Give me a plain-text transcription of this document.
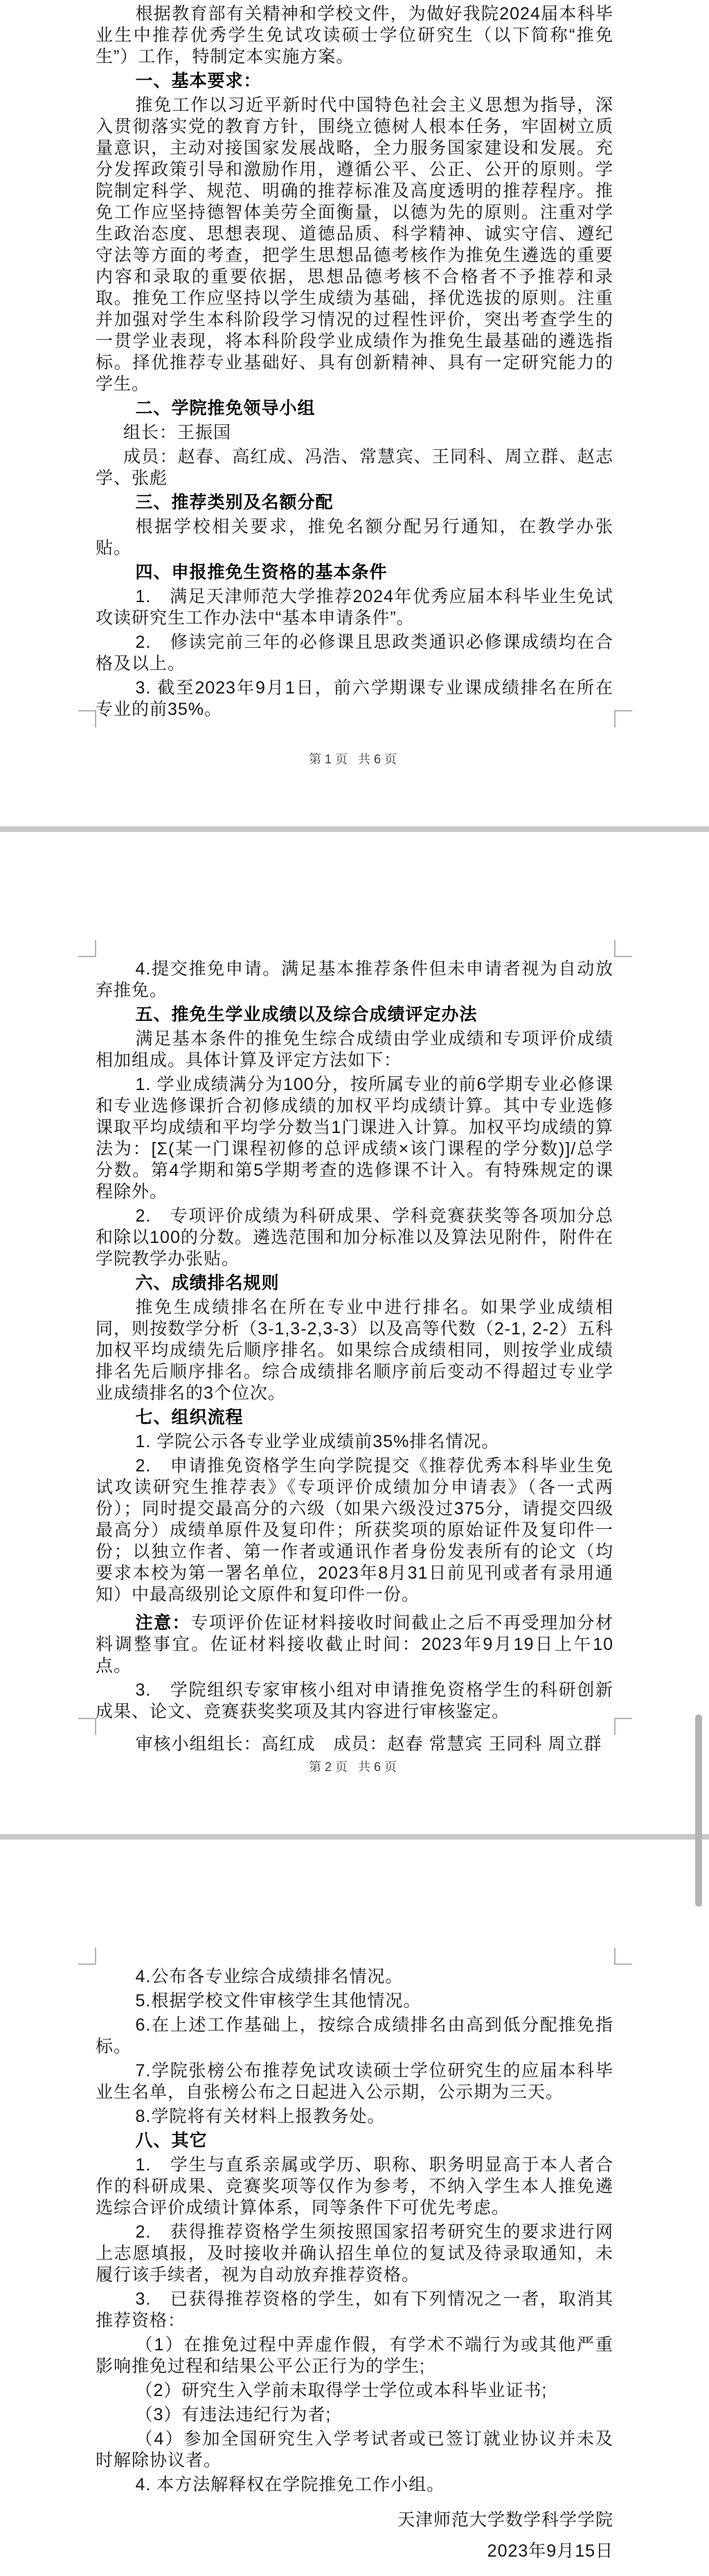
根据教育部有关精神和学校文件，为做好我院2024届本科毕业生中推荐优秀学生免试攻读硕士学位研究生（以下简称“推免生”）工作，特制定本实施方案。

一、基本要求：

推免工作以习近平新时代中国特色社会主义思想为指导，深入贯彻落实党的教育方针，围绕立德树人根本任务，牢固树立质量意识，主动对接国家发展战略，全力服务国家建设和发展。充分发挥政策引导和激励作用，遵循公平、公正、公开的原则。学院制定科学、规范、明确的推荐标准及高度透明的推荐程序。推免工作应坚持德智体美劳全面衡量，以德为先的原则。注重对学生政治态度、思想表现、道德品质、科学精神、诚实守信、遵纪守法等方面的考查，把学生思想品德考核作为推免生遴选的重要内容和录取的重要依据，思想品德考核不合格者不予推荐和录取。推免工作应坚持以学生成绩为基础，择优选拔的原则。注重并加强对学生本科阶段学习情况的过程性评价，突出考查学生的一贯学业表现，将本科阶段学业成绩作为推免生最基础的遴选指标。择优推荐专业基础好、具有创新精神、具有一定研究能力的学生。

二、学院推免领导小组

组长：王振国

成员：赵春、高红成、冯浩、常慧宾、王同科、周立群、赵志学、张彪

三、推荐类别及名额分配

根据学校相关要求，推免名额分配另行通知，在教学办张贴。

四、申报推免生资格的基本条件

1.　满足天津师范大学推荐2024年优秀应届本科毕业生免试攻读研究生工作办法中“基本申请条件”。

2.　修读完前三年的必修课且思政类通识必修课成绩均在合格及以上。

3. 截至2023年9月1日，前六学期课专业课成绩排名在所在专业的前35%。

第1页 共6页

4.提交推免申请。满足基本推荐条件但未申请者视为自动放弃推免。

五、推免生学业成绩以及综合成绩评定办法

满足基本条件的推免生综合成绩由学业成绩和专项评价成绩相加组成。具体计算及评定方法如下：

1. 学业成绩满分为100分，按所属专业的前6学期专业必修课和专业选修课折合初修成绩的加权平均成绩计算。其中专业选修课取平均成绩和平均学分数当1门课进入计算。加权平均成绩的算法为：[Σ(某一门课程初修的总评成绩×该门课程的学分数)]/总学分数。第4学期和第5学期考查的选修课不计入。有特殊规定的课程除外。

2.　专项评价成绩为科研成果、学科竞赛获奖等各项加分总和除以100的分数。遴选范围和加分标准以及算法见附件，附件在学院教学办张贴。

六、成绩排名规则

推免生成绩排名在所在专业中进行排名。如果学业成绩相同，则按数学分析（3-1,3-2,3-3）以及高等代数（2-1, 2-2）五科加权平均成绩先后顺序排名。如果综合成绩相同，则按学业成绩排名先后顺序排名。综合成绩排名顺序前后变动不得超过专业学业成绩排名的3个位次。

七、组织流程

1. 学院公示各专业学业成绩前35%排名情况。

2.　申请推免资格学生向学院提交《推荐优秀本科毕业生免试攻读研究生推荐表》《专项评价成绩加分申请表》（各一式两份）；同时提交最高分的六级（如果六级没过375分，请提交四级最高分）成绩单原件及复印件；所获奖项的原始证件及复印件一份；以独立作者、第一作者或通讯作者身份发表所有的论文（均要求本校为第一署名单位，2023年8月31日前见刊或者有录用通知）中最高级别论文原件和复印件一份。

注意：专项评价佐证材料接收时间截止之后不再受理加分材料调整事宜。佐证材料接收截止时间：2023年9月19日上午10点。

3.　学院组织专家审核小组对申请推免资格学生的科研创新成果、论文、竞赛获奖奖项及其内容进行审核鉴定。

审核小组组长：高红成　成员：赵春 常慧宾 王同科 周立群

第2页 共6页

4.公布各专业综合成绩排名情况。

5.根据学校文件审核学生其他情况。

6.在上述工作基础上，按综合成绩排名由高到低分配推免指标。

7.学院张榜公布推荐免试攻读硕士学位研究生的应届本科毕业生名单，自张榜公布之日起进入公示期，公示期为三天。

8.学院将有关材料上报教务处。

八、其它

1.　学生与直系亲属或学历、职称、职务明显高于本人者合作的科研成果、竞赛奖项等仅作为参考，不纳入学生本人推免遴选综合评价成绩计算体系，同等条件下可优先考虑。

2.　获得推荐资格学生须按照国家招考研究生的要求进行网上志愿填报，及时接收并确认招生单位的复试及待录取通知，未履行该手续者，视为自动放弃推荐资格。

3.　已获得推荐资格的学生，如有下列情况之一者，取消其推荐资格：

（1）在推免过程中弄虚作假，有学术不端行为或其他严重影响推免过程和结果公平公正行为的学生;

（2）研究生入学前未取得学士学位或本科毕业证书;

（3）有违法违纪行为者;

（4）参加全国研究生入学考试者或已签订就业协议并未及时解除协议者。

4. 本方法解释权在学院推免工作小组。

天津师范大学数学科学学院

2023年9月15日
